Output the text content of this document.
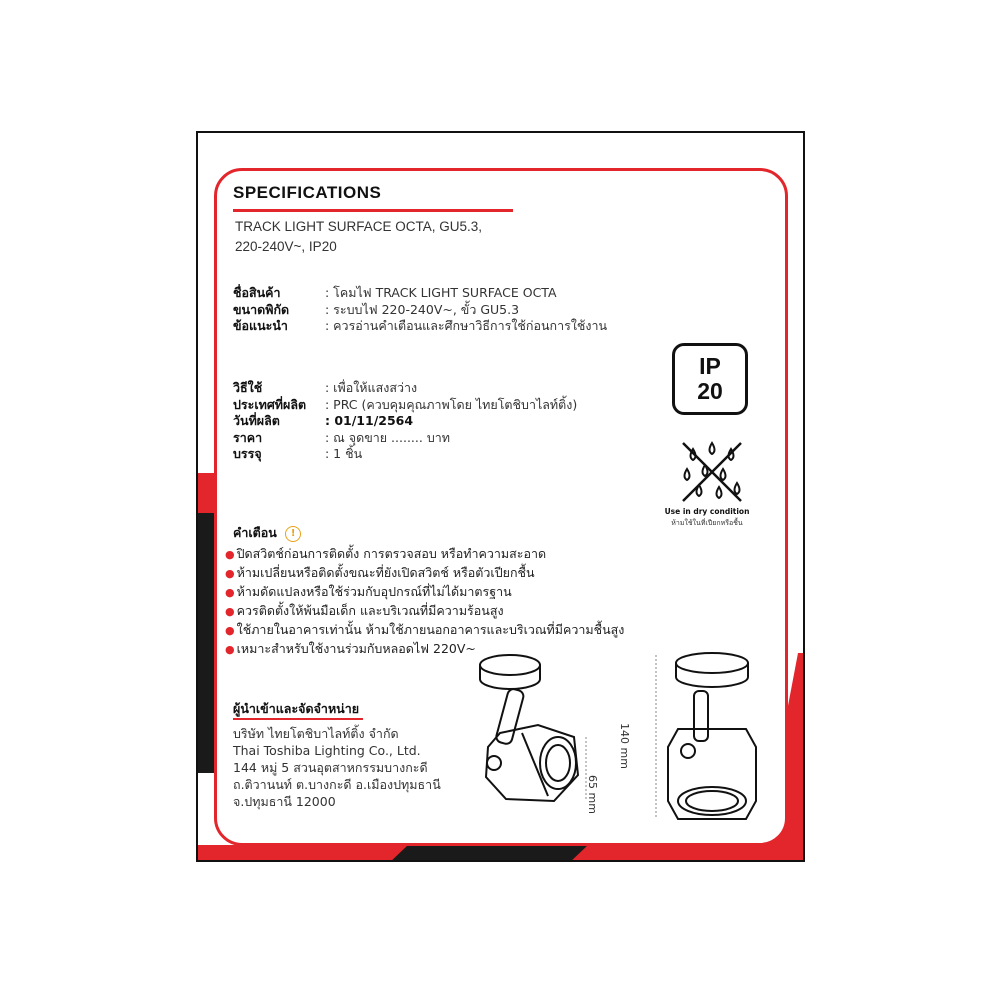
SPECIFICATIONS
TRACK LIGHT SURFACE OCTA, GU5.3,
220-240V~, IP20
ชื่อสินค้า	: โคมไฟ TRACK LIGHT SURFACE OCTA
ขนาดพิกัด	: ระบบไฟ 220-240V~, ขั้ว GU5.3
ข้อแนะนำ	: ควรอ่านคำเตือนและศึกษาวิธีการใช้ก่อนการใช้งาน
วิธีใช้	: เพื่อให้แสงสว่าง
ประเทศที่ผลิต	: PRC (ควบคุมคุณภาพโดย ไทยโตชิบาไลท์ติ้ง)
วันที่ผลิต	: 01/11/2564
ราคา	: ณ จุดขาย ........ บาท
บรรจุ	: 1 ชิ้น
IP
20
Use in dry condition
ห้ามใช้ในที่เปียกหรือชื้น
คำเตือน !
● ปิดสวิตช์ก่อนการติดตั้ง การตรวจสอบ หรือทำความสะอาด
● ห้ามเปลี่ยนหรือติดตั้งขณะที่ยังเปิดสวิตช์ หรือตัวเปียกชื้น
● ห้ามดัดแปลงหรือใช้ร่วมกับอุปกรณ์ที่ไม่ได้มาตรฐาน
● ควรติดตั้งให้พ้นมือเด็ก และบริเวณที่มีความร้อนสูง
● ใช้ภายในอาคารเท่านั้น ห้ามใช้ภายนอกอาคารและบริเวณที่มีความชื้นสูง
● เหมาะสำหรับใช้งานร่วมกับหลอดไฟ 220V~
ผู้นำเข้าและจัดจำหน่าย
บริษัท ไทยโตชิบาไลท์ติ้ง จำกัด
Thai Toshiba Lighting Co., Ltd.
144 หมู่ 5 สวนอุตสาหกรรมบางกะดี
ถ.ติวานนท์ ต.บางกะดี อ.เมืองปทุมธานี
จ.ปทุมธานี 12000	65 mm
140 mm
